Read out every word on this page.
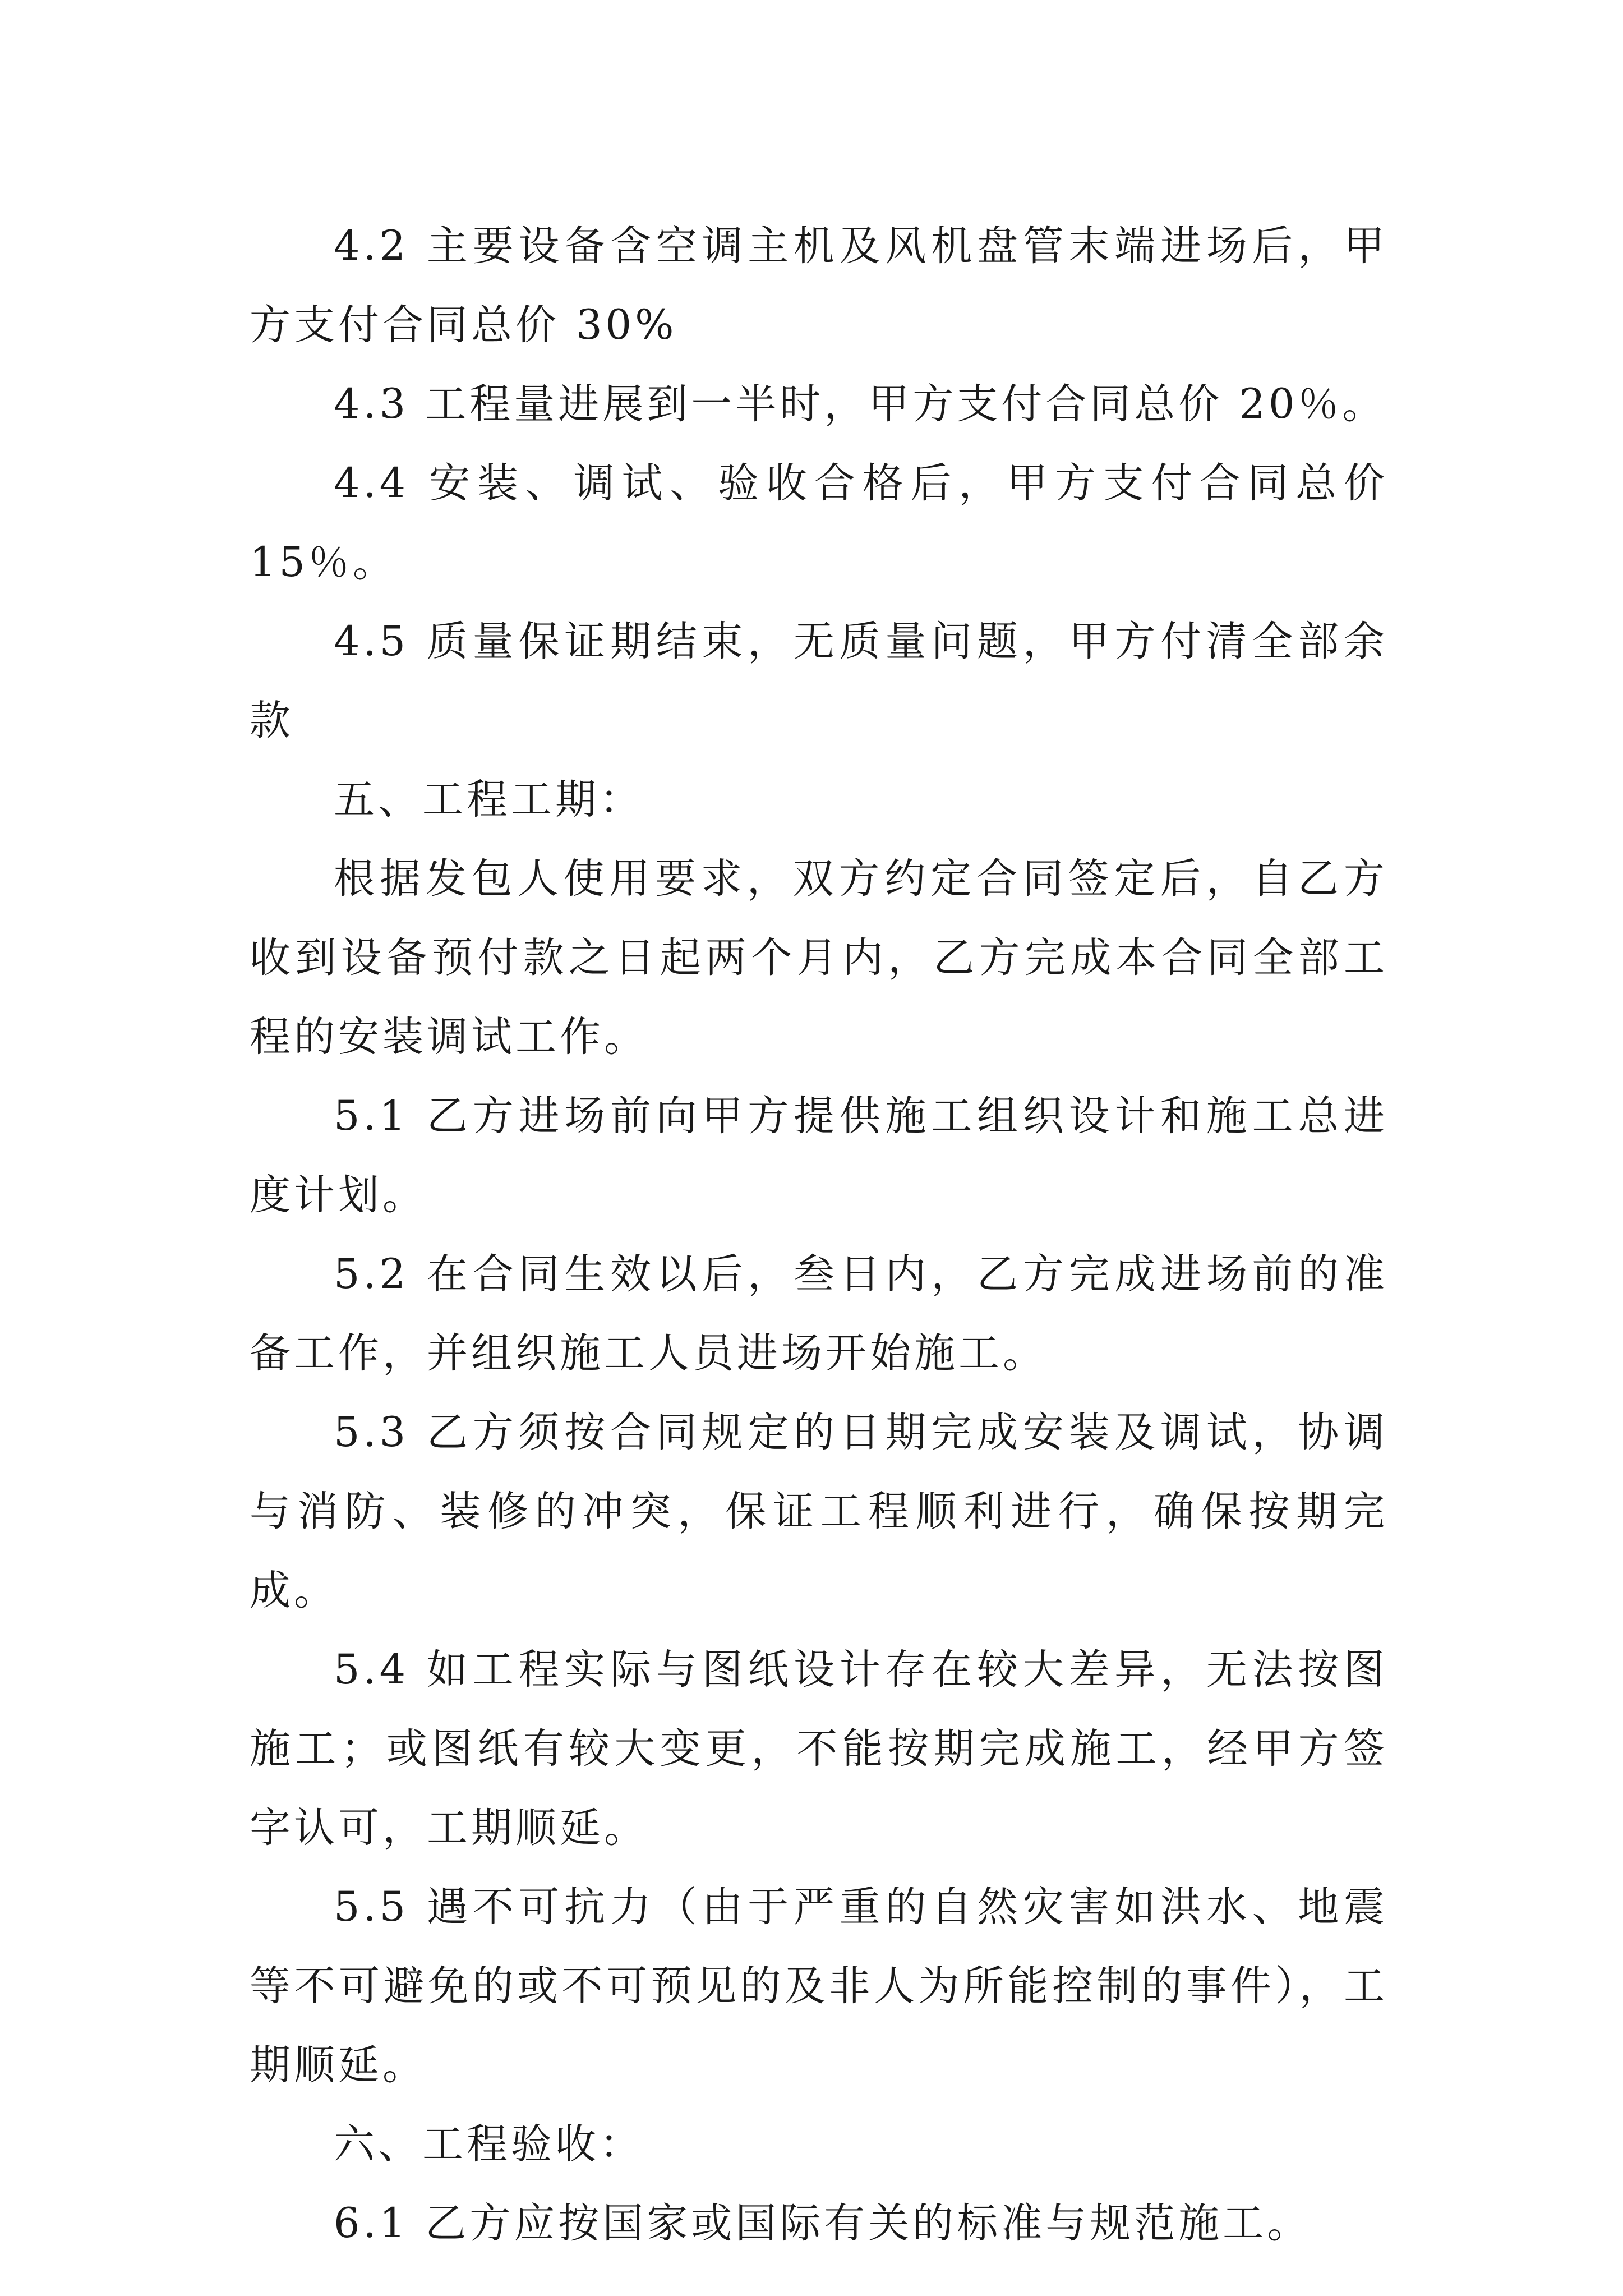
4.2 主要设备含空调主机及风机盘管末端进场后，甲方支付合同总价 30%

4.3 工程量进展到一半时，甲方支付合同总价 20％。

4.4 安装、调试、验收合格后，甲方支付合同总价 15％。

4.5 质量保证期结束，无质量问题，甲方付清全部余款

五、工程工期：

根据发包人使用要求，双方约定合同签定后，自乙方收到设备预付款之日起两个月内，乙方完成本合同全部工程的安装调试工作。

5.1 乙方进场前向甲方提供施工组织设计和施工总进度计划。

5.2 在合同生效以后，叁日内，乙方完成进场前的准备工作，并组织施工人员进场开始施工。

5.3 乙方须按合同规定的日期完成安装及调试，协调与消防、装修的冲突，保证工程顺利进行，确保按期完成。

5.4 如工程实际与图纸设计存在较大差异，无法按图施工；或图纸有较大变更，不能按期完成施工，经甲方签字认可，工期顺延。

5.5 遇不可抗力（由于严重的自然灾害如洪水、地震等不可避免的或不可预见的及非人为所能控制的事件），工期顺延。

六、工程验收：

6.1 乙方应按国家或国际有关的标准与规范施工。
